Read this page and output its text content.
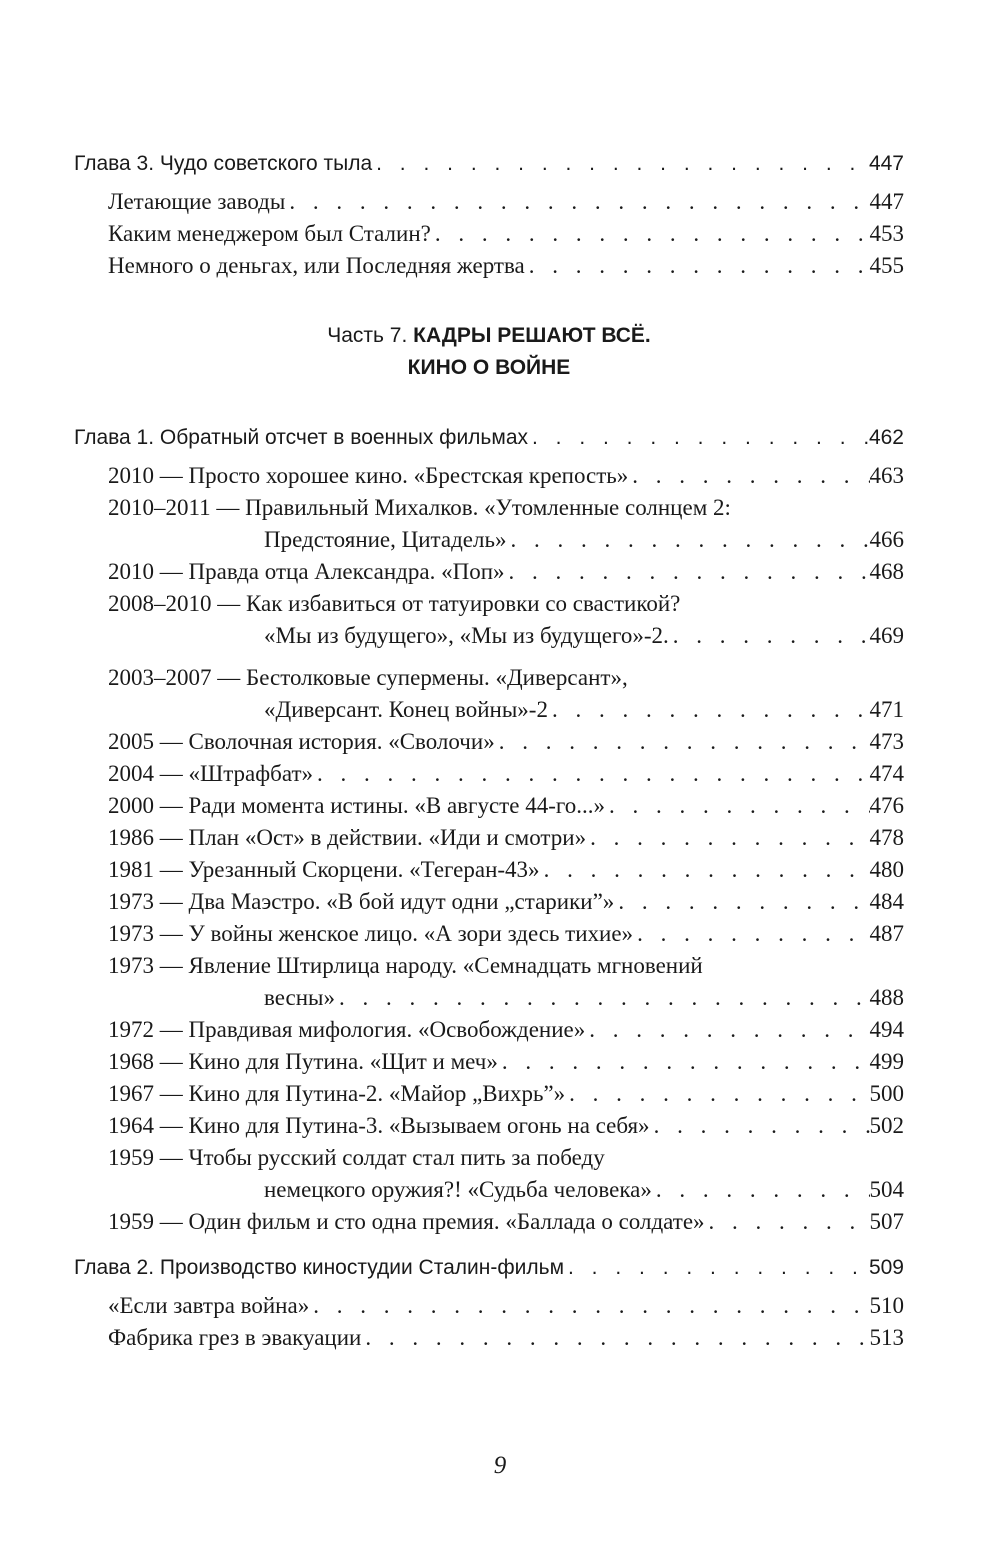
Глава 3. Чудо советского тыла . . .	447
Летающие заводы . . .	447
Каким менеджером был Сталин? . . .	453
Немного о деньгах, или Последняя жертва . . .	455
Часть 7. КАДРЫ РЕШАЮТ ВСЁ.
КИНО О ВОЙНЕ
Глава 1. Обратный отсчет в военных фильмах . . .	462
2010 — Просто хорошее кино. «Брестская крепость» . . .	463
2010–2011 — Правильный Михалков. «Утомленные солнцем 2:
Предстояние, Цитадель» . . .	466
2010 — Правда отца Александра. «Поп» . . .	468
2008–2010 — Как избавиться от татуировки со свастикой?
«Мы из будущего», «Мы из будущего»-2. . . .	469
2003–2007 — Бестолковые супермены. «Диверсант»,
«Диверсант. Конец войны»-2 . . .	471
2005 — Сволочная история. «Сволочи» . . .	473
2004 — «Штрафбат» . . .	474
2000 — Ради момента истины. «В августе 44-го...» . . .	476
1986 — План «Ост» в действии. «Иди и смотри» . . .	478
1981 — Урезанный Скорцени. «Тегеран-43» . . .	480
1973 — Два Маэстро. «В бой идут одни „старики”» . . .	484
1973 — У войны женское лицо. «А зори здесь тихие» . . .	487
1973 — Явление Штирлица народу. «Семнадцать мгновений
весны» . . .	488
1972 — Правдивая мифология. «Освобождение» . . .	494
1968 — Кино для Путина. «Щит и меч» . . .	499
1967 — Кино для Путина-2. «Майор „Вихрь”» . . .	500
1964 — Кино для Путина-3. «Вызываем огонь на себя» . . .	502
1959 — Чтобы русский солдат стал пить за победу
немецкого оружия?! «Судьба человека» . . .	504
1959 — Один фильм и сто одна премия. «Баллада о солдате» . . .	507
Глава 2. Производство киностудии Сталин-фильм . . .	509
«Если завтра война» . . .	510
Фабрика грез в эвакуации . . .	513
9
